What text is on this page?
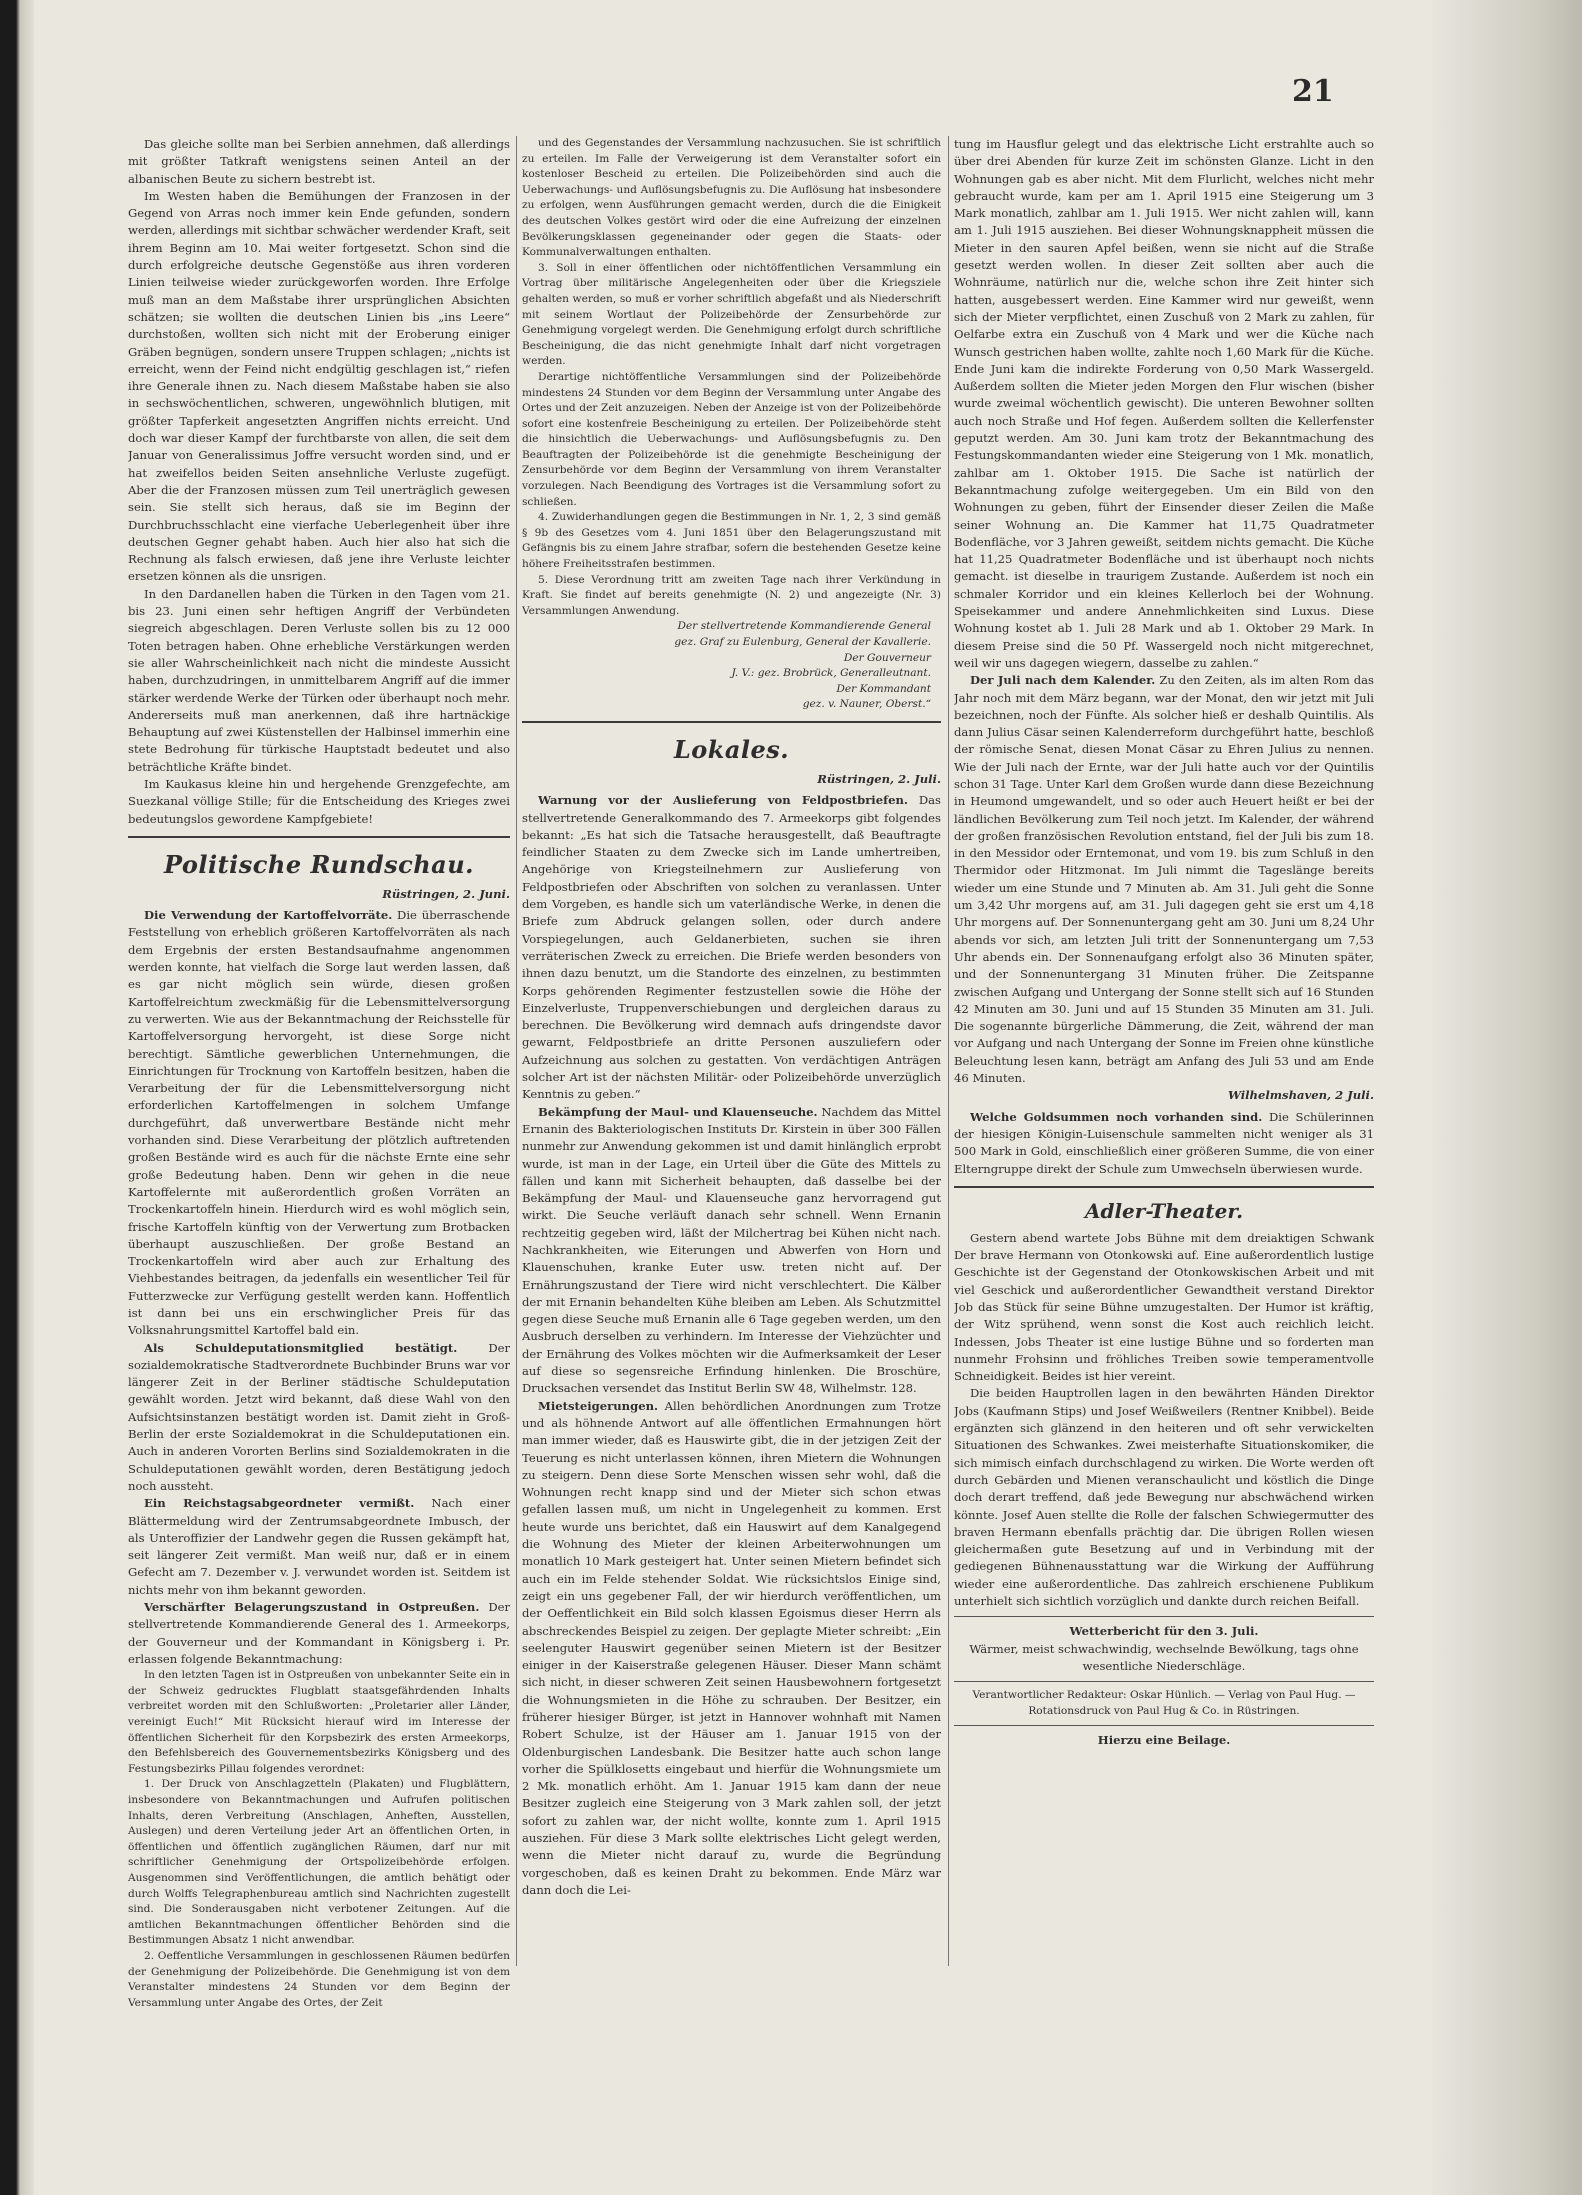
21

Das gleiche sollte man bei Serbien annehmen, daß allerdings mit größter Tatkraft wenigstens seinen Anteil an der albanischen Beute zu sichern bestrebt ist.

Im Westen haben die Bemühungen der Franzosen in der Gegend von Arras noch immer kein Ende gefunden, sondern werden, allerdings mit sichtbar schwächer werdender Kraft, seit ihrem Beginn am 10. Mai weiter fortgesetzt. Schon sind die durch erfolgreiche deutsche Gegenstöße aus ihren vorderen Linien teilweise wieder zurückgeworfen worden. Ihre Erfolge muß man an dem Maßstabe ihrer ursprünglichen Absichten schätzen; sie wollten die deutschen Linien bis „ins Leere“ durchstoßen, wollten sich nicht mit der Eroberung einiger Gräben begnügen, sondern unsere Truppen schlagen; „nichts ist erreicht, wenn der Feind nicht endgültig geschlagen ist,“ riefen ihre Generale ihnen zu. Nach diesem Maßstabe haben sie also in sechswöchentlichen, schweren, ungewöhnlich blutigen, mit größter Tapferkeit angesetzten Angriffen nichts erreicht. Und doch war dieser Kampf der furchtbarste von allen, die seit dem Januar von Generalissimus Joffre versucht worden sind, und er hat zweifellos beiden Seiten ansehnliche Verluste zugefügt. Aber die der Franzosen müssen zum Teil unerträglich gewesen sein. Sie stellt sich heraus, daß sie im Beginn der Durchbruchsschlacht eine vierfache Ueberlegenheit über ihre deutschen Gegner gehabt haben. Auch hier also hat sich die Rechnung als falsch erwiesen, daß jene ihre Verluste leichter ersetzen können als die unsrigen.

In den Dardanellen haben die Türken in den Tagen vom 21. bis 23. Juni einen sehr heftigen Angriff der Verbündeten siegreich abgeschlagen. Deren Verluste sollen bis zu 12 000 Toten betragen haben. Ohne erhebliche Verstärkungen werden sie aller Wahrscheinlichkeit nach nicht die mindeste Aussicht haben, durchzudringen, in unmittelbarem Angriff auf die immer stärker werdende Werke der Türken oder überhaupt noch mehr. Andererseits muß man anerkennen, daß ihre hartnäckige Behauptung auf zwei Küstenstellen der Halbinsel immerhin eine stete Bedrohung für türkische Hauptstadt bedeutet und also beträchtliche Kräfte bindet.

Im Kaukasus kleine hin und hergehende Grenzgefechte, am Suezkanal völlige Stille; für die Entscheidung des Krieges zwei bedeutungslos gewordene Kampfgebiete!

Politische Rundschau.
Rüstringen, 2. Juni.

Die Verwendung der Kartoffelvorräte. Die überraschende Feststellung von erheblich größeren Kartoffelvorräten als nach dem Ergebnis der ersten Bestandsaufnahme angenommen werden konnte, hat vielfach die Sorge laut werden lassen, daß es gar nicht möglich sein würde, diesen großen Kartoffelreichtum zweckmäßig für die Lebensmittelversorgung zu verwerten. Wie aus der Bekanntmachung der Reichsstelle für Kartoffelversorgung hervorgeht, ist diese Sorge nicht berechtigt. Sämtliche gewerblichen Unternehmungen, die Einrichtungen für Trocknung von Kartoffeln besitzen, haben die Verarbeitung der für die Lebensmittelversorgung nicht erforderlichen Kartoffelmengen in solchem Umfange durchgeführt, daß unverwertbare Bestände nicht mehr vorhanden sind. Diese Verarbeitung der plötzlich auftretenden großen Bestände wird es auch für die nächste Ernte eine sehr große Bedeutung haben. Denn wir gehen in die neue Kartoffelernte mit außerordentlich großen Vorräten an Trockenkartoffeln hinein. Hierdurch wird es wohl möglich sein, frische Kartoffeln künftig von der Verwertung zum Brotbacken überhaupt auszuschließen. Der große Bestand an Trockenkartoffeln wird aber auch zur Erhaltung des Viehbestandes beitragen, da jedenfalls ein wesentlicher Teil für Futterzwecke zur Verfügung gestellt werden kann. Hoffentlich ist dann bei uns ein erschwinglicher Preis für das Volksnahrungsmittel Kartoffel bald ein.

Als Schuldeputationsmitglied bestätigt.	Der sozialdemokratische Stadtverordnete Buchbinder Bruns war vor längerer Zeit in der Berliner städtische Schuldeputation gewählt worden. Jetzt wird bekannt, daß diese Wahl von den Aufsichtsinstanzen bestätigt worden ist. Damit zieht in Groß-Berlin der erste Sozialdemokrat in die Schuldeputationen ein. Auch in anderen Vororten Berlins sind Sozialdemokraten in die Schuldeputationen gewählt worden, deren Bestätigung jedoch noch aussteht.

Ein Reichstagsabgeordneter vermißt. Nach einer Blättermeldung wird der Zentrumsabgeordnete Imbusch, der als Unteroffizier der Landwehr gegen die Russen gekämpft hat, seit längerer Zeit vermißt. Man weiß nur, daß er in einem Gefecht am 7. Dezember v. J. verwundet worden ist. Seitdem ist nichts mehr von ihm bekannt geworden.

Verschärfter Belagerungszustand in Ostpreußen. Der stellvertretende Kommandierende General des 1. Armeekorps, der Gouverneur und der Kommandant in Königsberg i. Pr. erlassen folgende Bekanntmachung:

In den letzten Tagen ist in Ostpreußen von unbekannter Seite ein in der Schweiz gedrucktes Flugblatt staatsgefährdenden Inhalts verbreitet worden mit den Schlußworten: „Proletarier aller Länder, vereinigt Euch!“ Mit Rücksicht hierauf wird im Interesse der öffentlichen Sicherheit für den Korpsbezirk des ersten Armeekorps, den Befehlsbereich des Gouvernementsbezirks Königsberg und des Festungsbezirks Pillau folgendes verordnet:

1. Der Druck von Anschlagzetteln (Plakaten) und Flugblättern, insbesondere von Bekanntmachungen und Aufrufen politischen Inhalts, deren Verbreitung (Anschlagen, Anheften, Ausstellen, Auslegen) und deren Verteilung jeder Art an öffentlichen Orten, in öffentlichen und öffentlich zugänglichen Räumen, darf nur mit schriftlicher Genehmigung der Ortspolizeibehörde erfolgen. Ausgenommen sind Veröffentlichungen, die amtlich behätigt oder durch Wolffs Telegraphenbureau amtlich sind Nachrichten zugestellt sind. Die Sonderausgaben nicht verbotener Zeitungen. Auf die amtlichen Bekanntmachungen öffentlicher Behörden sind die Bestimmungen Absatz 1 nicht anwendbar.

2. Oeffentliche Versammlungen in geschlossenen Räumen bedürfen der Genehmigung der Polizeibehörde. Die Genehmigung ist von dem Veranstalter mindestens 24 Stunden vor dem Beginn der Versammlung unter Angabe des Ortes, der Zeit

und des Gegenstandes der Versammlung nachzusuchen. Sie ist schriftlich zu erteilen. Im Falle der Verweigerung ist dem Veranstalter sofort ein kostenloser Bescheid zu erteilen. Die Polizeibehörden sind auch die Ueberwachungs- und Auflösungsbefugnis zu. Die Auflösung hat insbesondere zu erfolgen, wenn Ausführungen gemacht werden, durch die die Einigkeit des deutschen Volkes gestört wird oder die eine Aufreizung der einzelnen Bevölkerungsklassen gegeneinander oder gegen die Staats- oder Kommunalverwaltungen enthalten.

3. Soll in einer öffentlichen oder nichtöffentlichen Versammlung ein Vortrag über militärische Angelegenheiten oder über die Kriegsziele gehalten werden, so muß er vorher schriftlich abgefaßt und als Niederschrift mit seinem Wortlaut der Polizeibehörde der Zensurbehörde zur Genehmigung vorgelegt werden. Die Genehmigung erfolgt durch schriftliche Bescheinigung, die das nicht genehmigte Inhalt darf nicht vorgetragen werden.

Derartige nichtöffentliche Versammlungen sind der Polizeibehörde mindestens 24 Stunden vor dem Beginn der Versammlung unter Angabe des Ortes und der Zeit anzuzeigen. Neben der Anzeige ist von der Polizeibehörde sofort eine kostenfreie Bescheinigung zu erteilen. Der Polizeibehörde steht die hinsichtlich die Ueberwachungs- und Auflösungsbefugnis zu. Den Beauftragten der Polizeibehörde ist die genehmigte Bescheinigung der Zensurbehörde vor dem Beginn der Versammlung von ihrem Veranstalter vorzulegen. Nach Beendigung des Vortrages ist die Versammlung sofort zu schließen.

4. Zuwiderhandlungen gegen die Bestimmungen in Nr. 1, 2, 3 sind gemäß § 9b des Gesetzes vom 4. Juni 1851 über den Belagerungszustand mit Gefängnis bis zu einem Jahre strafbar, sofern die bestehenden Gesetze keine höhere Freiheitsstrafen bestimmen.

5. Diese Verordnung tritt am zweiten Tage nach ihrer Verkündung in Kraft. Sie findet auf bereits genehmigte (N. 2) und angezeigte (Nr. 3) Versammlungen Anwendung.

Der stellvertretende Kommandierende General
gez. Graf zu Eulenburg, General der Kavallerie.
Der Gouverneur
J. V.: gez. Brobrück, Generalleutnant.
Der Kommandant
gez. v. Nauner, Oberst.“
Lokales.
Rüstringen, 2. Juli.

Warnung vor der Auslieferung von Feldpostbriefen. Das stellvertretende Generalkommando des 7. Armeekorps gibt folgendes bekannt: „Es hat sich die Tatsache herausgestellt, daß Beauftragte feindlicher Staaten zu dem Zwecke sich im Lande umhertreiben, Angehörige von Kriegsteilnehmern zur Auslieferung von Feldpostbriefen oder Abschriften von solchen zu veranlassen. Unter dem Vorgeben, es handle sich um vaterländische Werke, in denen die Briefe zum Abdruck gelangen sollen, oder durch andere Vorspiegelungen, auch Geldanerbieten, suchen sie ihren verräterischen Zweck zu erreichen. Die Briefe werden besonders von ihnen dazu benutzt, um die Standorte des einzelnen, zu bestimmten Korps gehörenden Regimenter festzustellen sowie die Höhe der Einzelverluste, Truppenverschiebungen und dergleichen daraus zu berechnen. Die Bevölkerung wird demnach aufs dringendste davor gewarnt, Feldpostbriefe an dritte Personen auszuliefern oder Aufzeichnung aus solchen zu gestatten. Von verdächtigen Anträgen solcher Art ist der nächsten Militär- oder Polizeibehörde unverzüglich Kenntnis zu geben.“

Bekämpfung der Maul- und Klauenseuche. Nachdem das Mittel Ernanin des Bakteriologischen Instituts Dr. Kirstein in über 300 Fällen nunmehr zur Anwendung gekommen ist und damit hinlänglich erprobt wurde, ist man in der Lage, ein Urteil über die Güte des Mittels zu fällen und kann mit Sicherheit behaupten, daß dasselbe bei der Bekämpfung der Maul- und Klauenseuche ganz hervorragend gut wirkt. Die Seuche verläuft danach sehr schnell. Wenn Ernanin rechtzeitig gegeben wird, läßt der Milchertrag bei Kühen nicht nach. Nachkrankheiten, wie Eiterungen und Abwerfen von Horn und Klauenschuhen, kranke Euter usw. treten nicht auf. Der Ernährungszustand der Tiere wird nicht verschlechtert. Die Kälber der mit Ernanin behandelten Kühe bleiben am Leben. Als Schutzmittel gegen diese Seuche muß Ernanin alle 6 Tage gegeben werden, um den Ausbruch derselben zu verhindern. Im Interesse der Viehzüchter und der Ernährung des Volkes möchten wir die Aufmerksamkeit der Leser auf diese so segensreiche Erfindung hinlenken. Die Broschüre, Drucksachen versendet das Institut Berlin SW 48, Wilhelmstr. 128.

Mietsteigerungen. Allen behördlichen Anordnungen zum Trotze und als höhnende Antwort auf alle öffentlichen Ermahnungen hört man immer wieder, daß es Hauswirte gibt, die in der jetzigen Zeit der Teuerung es nicht unterlassen können, ihren Mietern die Wohnungen zu steigern. Denn diese Sorte Menschen wissen sehr wohl, daß die Wohnungen recht knapp sind und der Mieter sich schon etwas gefallen lassen muß, um nicht in Ungelegenheit zu kommen. Erst heute wurde uns berichtet, daß ein Hauswirt auf dem Kanalgegend die Wohnung des Mieter der kleinen Arbeiterwohnungen um monatlich 10 Mark gesteigert hat. Unter seinen Mietern befindet sich auch ein im Felde stehender Soldat. Wie rücksichtslos Einige sind, zeigt ein uns gegebener Fall, der wir hierdurch veröffentlichen, um der Oeffentlichkeit ein Bild solch klassen Egoismus dieser Herrn als abschreckendes Beispiel zu zeigen. Der geplagte Mieter schreibt: „Ein seelenguter Hauswirt gegenüber seinen Mietern ist der Besitzer einiger in der Kaiserstraße gelegenen Häuser. Dieser Mann schämt sich nicht, in dieser schweren Zeit seinen Hausbewohnern fortgesetzt die Wohnungsmieten in die Höhe zu schrauben. Der Besitzer, ein früherer hiesiger Bürger, ist jetzt in Hannover wohnhaft mit Namen Robert Schulze, ist der Häuser am 1. Januar 1915 von der Oldenburgischen Landesbank. Die Besitzer hatte auch schon lange vorher die Spülklosetts eingebaut und hierfür die Wohnungsmiete um 2 Mk. monatlich erhöht. Am 1. Januar 1915 kam dann der neue Besitzer zugleich eine Steigerung von 3 Mark zahlen soll, der jetzt sofort zu zahlen war, der nicht wollte, konnte zum 1. April 1915 ausziehen. Für diese 3 Mark sollte elektrisches Licht gelegt werden, wenn die Mieter nicht darauf zu, wurde die Begründung vorgeschoben, daß es keinen Draht zu bekommen. Ende März war dann doch die Lei-

tung im Hausflur gelegt und das elektrische Licht erstrahlte auch so über drei Abenden für kurze Zeit im schönsten Glanze. Licht in den Wohnungen gab es aber nicht. Mit dem Flurlicht, welches nicht mehr gebraucht wurde, kam per am 1. April 1915 eine Steigerung um 3 Mark monatlich, zahlbar am 1. Juli 1915. Wer nicht zahlen will, kann am 1. Juli 1915 ausziehen. Bei dieser Wohnungsknappheit müssen die Mieter in den sauren Apfel beißen, wenn sie nicht auf die Straße gesetzt werden wollen. In dieser Zeit sollten aber auch die Wohnräume, natürlich nur die, welche schon ihre Zeit hinter sich hatten, ausgebessert werden. Eine Kammer wird nur geweißt, wenn sich der Mieter verpflichtet, einen Zuschuß von 2 Mark zu zahlen, für Oelfarbe extra ein Zuschuß von 4 Mark und wer die Küche nach Wunsch gestrichen haben wollte, zahlte noch 1,60 Mark für die Küche. Ende Juni kam die indirekte Forderung von 0,50 Mark Wassergeld. Außerdem sollten die Mieter jeden Morgen den Flur wischen (bisher wurde zweimal wöchentlich gewischt). Die unteren Bewohner sollten auch noch Straße und Hof fegen. Außerdem sollten die Kellerfenster geputzt werden. Am 30. Juni kam trotz der Bekanntmachung des Festungskommandanten wieder eine Steigerung von 1 Mk. monatlich, zahlbar am 1. Oktober 1915. Die Sache ist natürlich der Bekanntmachung zufolge weitergegeben. Um ein Bild von den Wohnungen zu geben, führt der Einsender dieser Zeilen die Maße seiner Wohnung an. Die Kammer hat 11,75 Quadratmeter Bodenfläche, vor 3 Jahren geweißt, seitdem nichts gemacht. Die Küche hat 11,25 Quadratmeter Bodenfläche und ist überhaupt noch nichts gemacht. ist dieselbe in traurigem Zustande. Außerdem ist noch ein schmaler Korridor und ein kleines Kellerloch bei der Wohnung. Speisekammer und andere Annehmlichkeiten sind Luxus. Diese Wohnung kostet ab 1. Juli 28 Mark und ab 1. Oktober 29 Mark. In diesem Preise sind die 50 Pf. Wassergeld noch nicht mitgerechnet, weil wir uns dagegen wiegern, dasselbe zu zahlen.“

Der Juli nach dem Kalender. Zu den Zeiten, als im alten Rom das Jahr noch mit dem März begann, war der Monat, den wir jetzt mit Juli bezeichnen, noch der Fünfte. Als solcher hieß er deshalb Quintilis. Als dann Julius Cäsar seinen Kalenderreform durchgeführt hatte, beschloß der römische Senat, diesen Monat Cäsar zu Ehren Julius zu nennen. Wie der Juli nach der Ernte, war der Juli hatte auch vor der Quintilis schon 31 Tage. Unter Karl dem Großen wurde dann diese Bezeichnung in Heumond umgewandelt, und so oder auch Heuert heißt er bei der ländlichen Bevölkerung zum Teil noch jetzt. Im Kalender, der während der großen französischen Revolution entstand, fiel der Juli bis zum 18. in den Messidor oder Erntemonat, und vom 19. bis zum Schluß in den Thermidor oder Hitzmonat. Im Juli nimmt die Tageslänge bereits wieder um eine Stunde und 7 Minuten ab. Am 31. Juli geht die Sonne um 3,42 Uhr morgens auf, am 31. Juli dagegen geht sie erst um 4,18 Uhr morgens auf. Der Sonnenuntergang geht am 30. Juni um 8,24 Uhr abends vor sich, am letzten Juli tritt der Sonnenuntergang um 7,53 Uhr abends ein. Der Sonnenaufgang erfolgt also 36 Minuten später, und der Sonnenuntergang 31 Minuten früher. Die Zeitspanne zwischen Aufgang und Untergang der Sonne stellt sich auf 16 Stunden 42 Minuten am 30. Juni und auf 15 Stunden 35 Minuten am 31. Juli. Die sogenannte bürgerliche Dämmerung, die Zeit, während der man vor Aufgang und nach Untergang der Sonne im Freien ohne künstliche Beleuchtung lesen kann, beträgt am Anfang des Juli 53 und am Ende 46 Minuten.

Wilhelmshaven, 2 Juli.

Welche Goldsummen noch vorhanden sind. Die Schülerinnen der hiesigen Königin-Luisenschule sammelten nicht weniger als 31 500 Mark in Gold, einschließlich einer größeren Summe, die von einer Elterngruppe direkt der Schule zum Umwechseln überwiesen wurde.

Adler-Theater.

Gestern abend wartete Jobs Bühne mit dem dreiaktigen Schwank Der brave Hermann von Otonkowski auf. Eine außerordentlich lustige Geschichte ist der Gegenstand der Otonkowskischen Arbeit und mit viel Geschick und außerordentlicher Gewandtheit verstand Direktor Job das Stück für seine Bühne umzugestalten. Der Humor ist kräftig, der Witz sprühend, wenn sonst die Kost auch reichlich leicht. Indessen, Jobs Theater ist eine lustige Bühne und so forderten man nunmehr Frohsinn und fröhliches Treiben sowie temperamentvolle Schneidigkeit. Beides ist hier vereint.

Die beiden Hauptrollen lagen in den bewährten Händen Direktor Jobs (Kaufmann Stips) und Josef Weißweilers (Rentner Knibbel). Beide ergänzten sich glänzend in den heiteren und oft sehr verwickelten Situationen des Schwankes. Zwei meisterhafte Situationskomiker, die sich mimisch einfach durchschlagend zu wirken. Die Worte werden oft durch Gebärden und Mienen veranschaulicht und köstlich die Dinge doch derart treffend, daß jede Bewegung nur abschwächend wirken könnte. Josef Auen stellte die Rolle der falschen Schwiegermutter des braven Hermann ebenfalls prächtig dar. Die übrigen Rollen wiesen gleichermaßen gute Besetzung auf und in Verbindung mit der gediegenen Bühnenausstattung war die Wirkung der Aufführung wieder eine außerordentliche. Das zahlreich erschienene Publikum unterhielt sich sichtlich vorzüglich und dankte durch reichen Beifall.

Wetterbericht für den 3. Juli.

Wärmer, meist schwachwindig, wechselnde Bewölkung, tags ohne wesentliche Niederschläge.

Verantwortlicher Redakteur: Oskar Hünlich. — Verlag von Paul Hug. — Rotationsdruck von Paul Hug & Co. in Rüstringen.

Hierzu eine Beilage.
